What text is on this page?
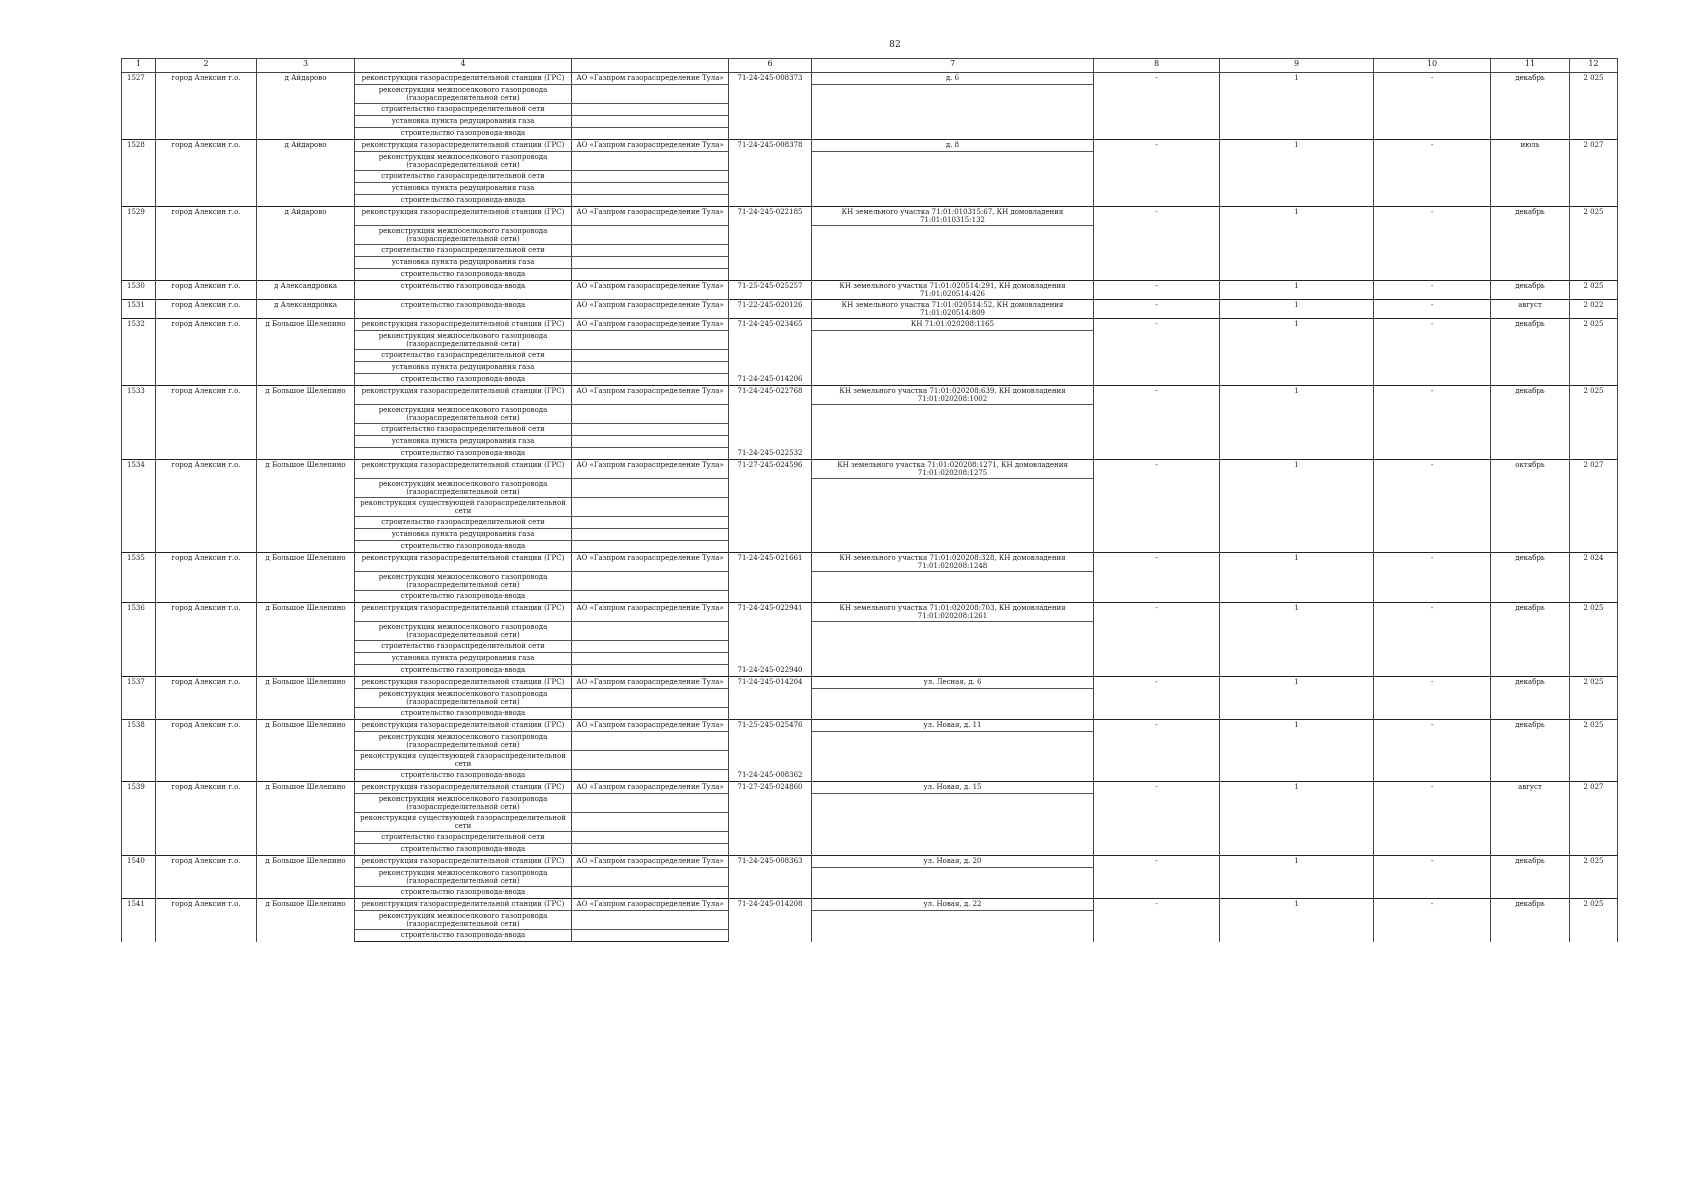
82
1	2	3	4		6	7	8	9	10	11	12
1527	город Алексин г.о.	д Айдарово	реконструкция газораспределительной станции (ГРС)	АО «Газпром газораспределение Тула»	71-24-245-008373	д. 6	-	1	-	декабрь	2 025
			реконструкция межпоселкового газопровода (газораспределительной сети)								
			строительство газораспределительной сети								
			установка пункта редуцирования газа								
			строительство газопровода-ввода								
1528	город Алексин г.о.	д Айдарово	реконструкция газораспределительной станции (ГРС)	АО «Газпром газораспределение Тула»	71-24-245-008378	д. 8	-	1	-	июль	2 027
			реконструкция межпоселкового газопровода (газораспределительной сети)								
			строительство газораспределительной сети								
			установка пункта редуцирования газа								
			строительство газопровода-ввода								
1529	город Алексин г.о.	д Айдарово	реконструкция газораспределительной станции (ГРС)	АО «Газпром газораспределение Тула»	71-24-245-022185	КН земельного участка 71:01:010315:67, КН домовладения 71:01:010315:132	-	1	-	декабрь	2 025
			реконструкция межпоселкового газопровода (газораспределительной сети)								
			строительство газораспределительной сети								
			установка пункта редуцирования газа								
			строительство газопровода-ввода								
1530	город Алексин г.о.	д Александровка	строительство газопровода-ввода	АО «Газпром газораспределение Тула»	71-25-245-025257	КН земельного участка 71:01:020514:291, КН домовладения 71:01:020514:426	-	1	-	декабрь	2 025
1531	город Алексин г.о.	д Александровка	строительство газопровода-ввода	АО «Газпром газораспределение Тула»	71-22-245-020126	КН земельного участка 71:01:020514:52, КН домовладения 71:01:020514:809	-	1	-	август	2 022
1532	город Алексин г.о.	д Большое Шелепино	реконструкция газораспределительной станции (ГРС)	АО «Газпром газораспределение Тула»	71-24-245-023465	КН 71:01:020208:1165	-	1	-	декабрь	2 025
			реконструкция межпоселкового газопровода (газораспределительной сети)								
			строительство газораспределительной сети								
			установка пункта редуцирования газа								
			строительство газопровода-ввода		71-24-245-014206						
1533	город Алексин г.о.	д Большое Шелепино	реконструкция газораспределительной станции (ГРС)	АО «Газпром газораспределение Тула»	71-24-245-022768	КН земельного участка 71:01:020208:639, КН домовладения 71:01:020208:1002	-	1	-	декабрь	2 025
			реконструкция межпоселкового газопровода (газораспределительной сети)								
			строительство газораспределительной сети								
			установка пункта редуцирования газа								
			строительство газопровода-ввода		71-24-245-022532						
1534	город Алексин г.о.	д Большое Шелепино	реконструкция газораспределительной станции (ГРС)	АО «Газпром газораспределение Тула»	71-27-245-024596	КН земельного участка 71:01:020208:1271, КН домовладения 71:01:020208:1275	-	1	-	октябрь	2 027
			реконструкция межпоселкового газопровода (газораспределительной сети)								
			реконструкция существующей газораспределительной сети								
			строительство газораспределительной сети								
			установка пункта редуцирования газа								
			строительство газопровода-ввода								
1535	город Алексин г.о.	д Большое Шелепино	реконструкция газораспределительной станции (ГРС)	АО «Газпром газораспределение Тула»	71-24-245-021661	КН земельного участка 71:01:020208:328, КН домовладения 71:01:020208:1248	-	1	-	декабрь	2 024
			реконструкция межпоселкового газопровода (газораспределительной сети)								
			строительство газопровода-ввода								
1536	город Алексин г.о.	д Большое Шелепино	реконструкция газораспределительной станции (ГРС)	АО «Газпром газораспределение Тула»	71-24-245-022941	КН земельного участка 71:01:020208:703, КН домовладения 71:01:020208:1261	-	1	-	декабрь	2 025
			реконструкция межпоселкового газопровода (газораспределительной сети)								
			строительство газораспределительной сети								
			установка пункта редуцирования газа								
			строительство газопровода-ввода		71-24-245-022940						
1537	город Алексин г.о.	д Большое Шелепино	реконструкция газораспределительной станции (ГРС)	АО «Газпром газораспределение Тула»	71-24-245-014204	ул. Лесная, д. 6	-	1	-	декабрь	2 025
			реконструкция межпоселкового газопровода (газораспределительной сети)								
			строительство газопровода-ввода								
1538	город Алексин г.о.	д Большое Шелепино	реконструкция газораспределительной станции (ГРС)	АО «Газпром газораспределение Тула»	71-25-245-025476	ул. Новая, д. 11	-	1	-	декабрь	2 025
			реконструкция межпоселкового газопровода (газораспределительной сети)								
			реконструкция существующей газораспределительной сети								
			строительство газопровода-ввода		71-24-245-008362						
1539	город Алексин г.о.	д Большое Шелепино	реконструкция газораспределительной станции (ГРС)	АО «Газпром газораспределение Тула»	71-27-245-024860	ул. Новая, д. 15	-	1	-	август	2 027
			реконструкция межпоселкового газопровода (газораспределительной сети)								
			реконструкция существующей газораспределительной сети								
			строительство газораспределительной сети								
			строительство газопровода-ввода								
1540	город Алексин г.о.	д Большое Шелепино	реконструкция газораспределительной станции (ГРС)	АО «Газпром газораспределение Тула»	71-24-245-008363	ул. Новая, д. 20	-	1	-	декабрь	2 025
			реконструкция межпоселкового газопровода (газораспределительной сети)								
			строительство газопровода-ввода								
1541	город Алексин г.о.	д Большое Шелепино	реконструкция газораспределительной станции (ГРС)	АО «Газпром газораспределение Тула»	71-24-245-014208	ул. Новая, д. 22	-	1	-	декабрь	2 025
			реконструкция межпоселкового газопровода (газораспределительной сети)								
			строительство газопровода-ввода								
